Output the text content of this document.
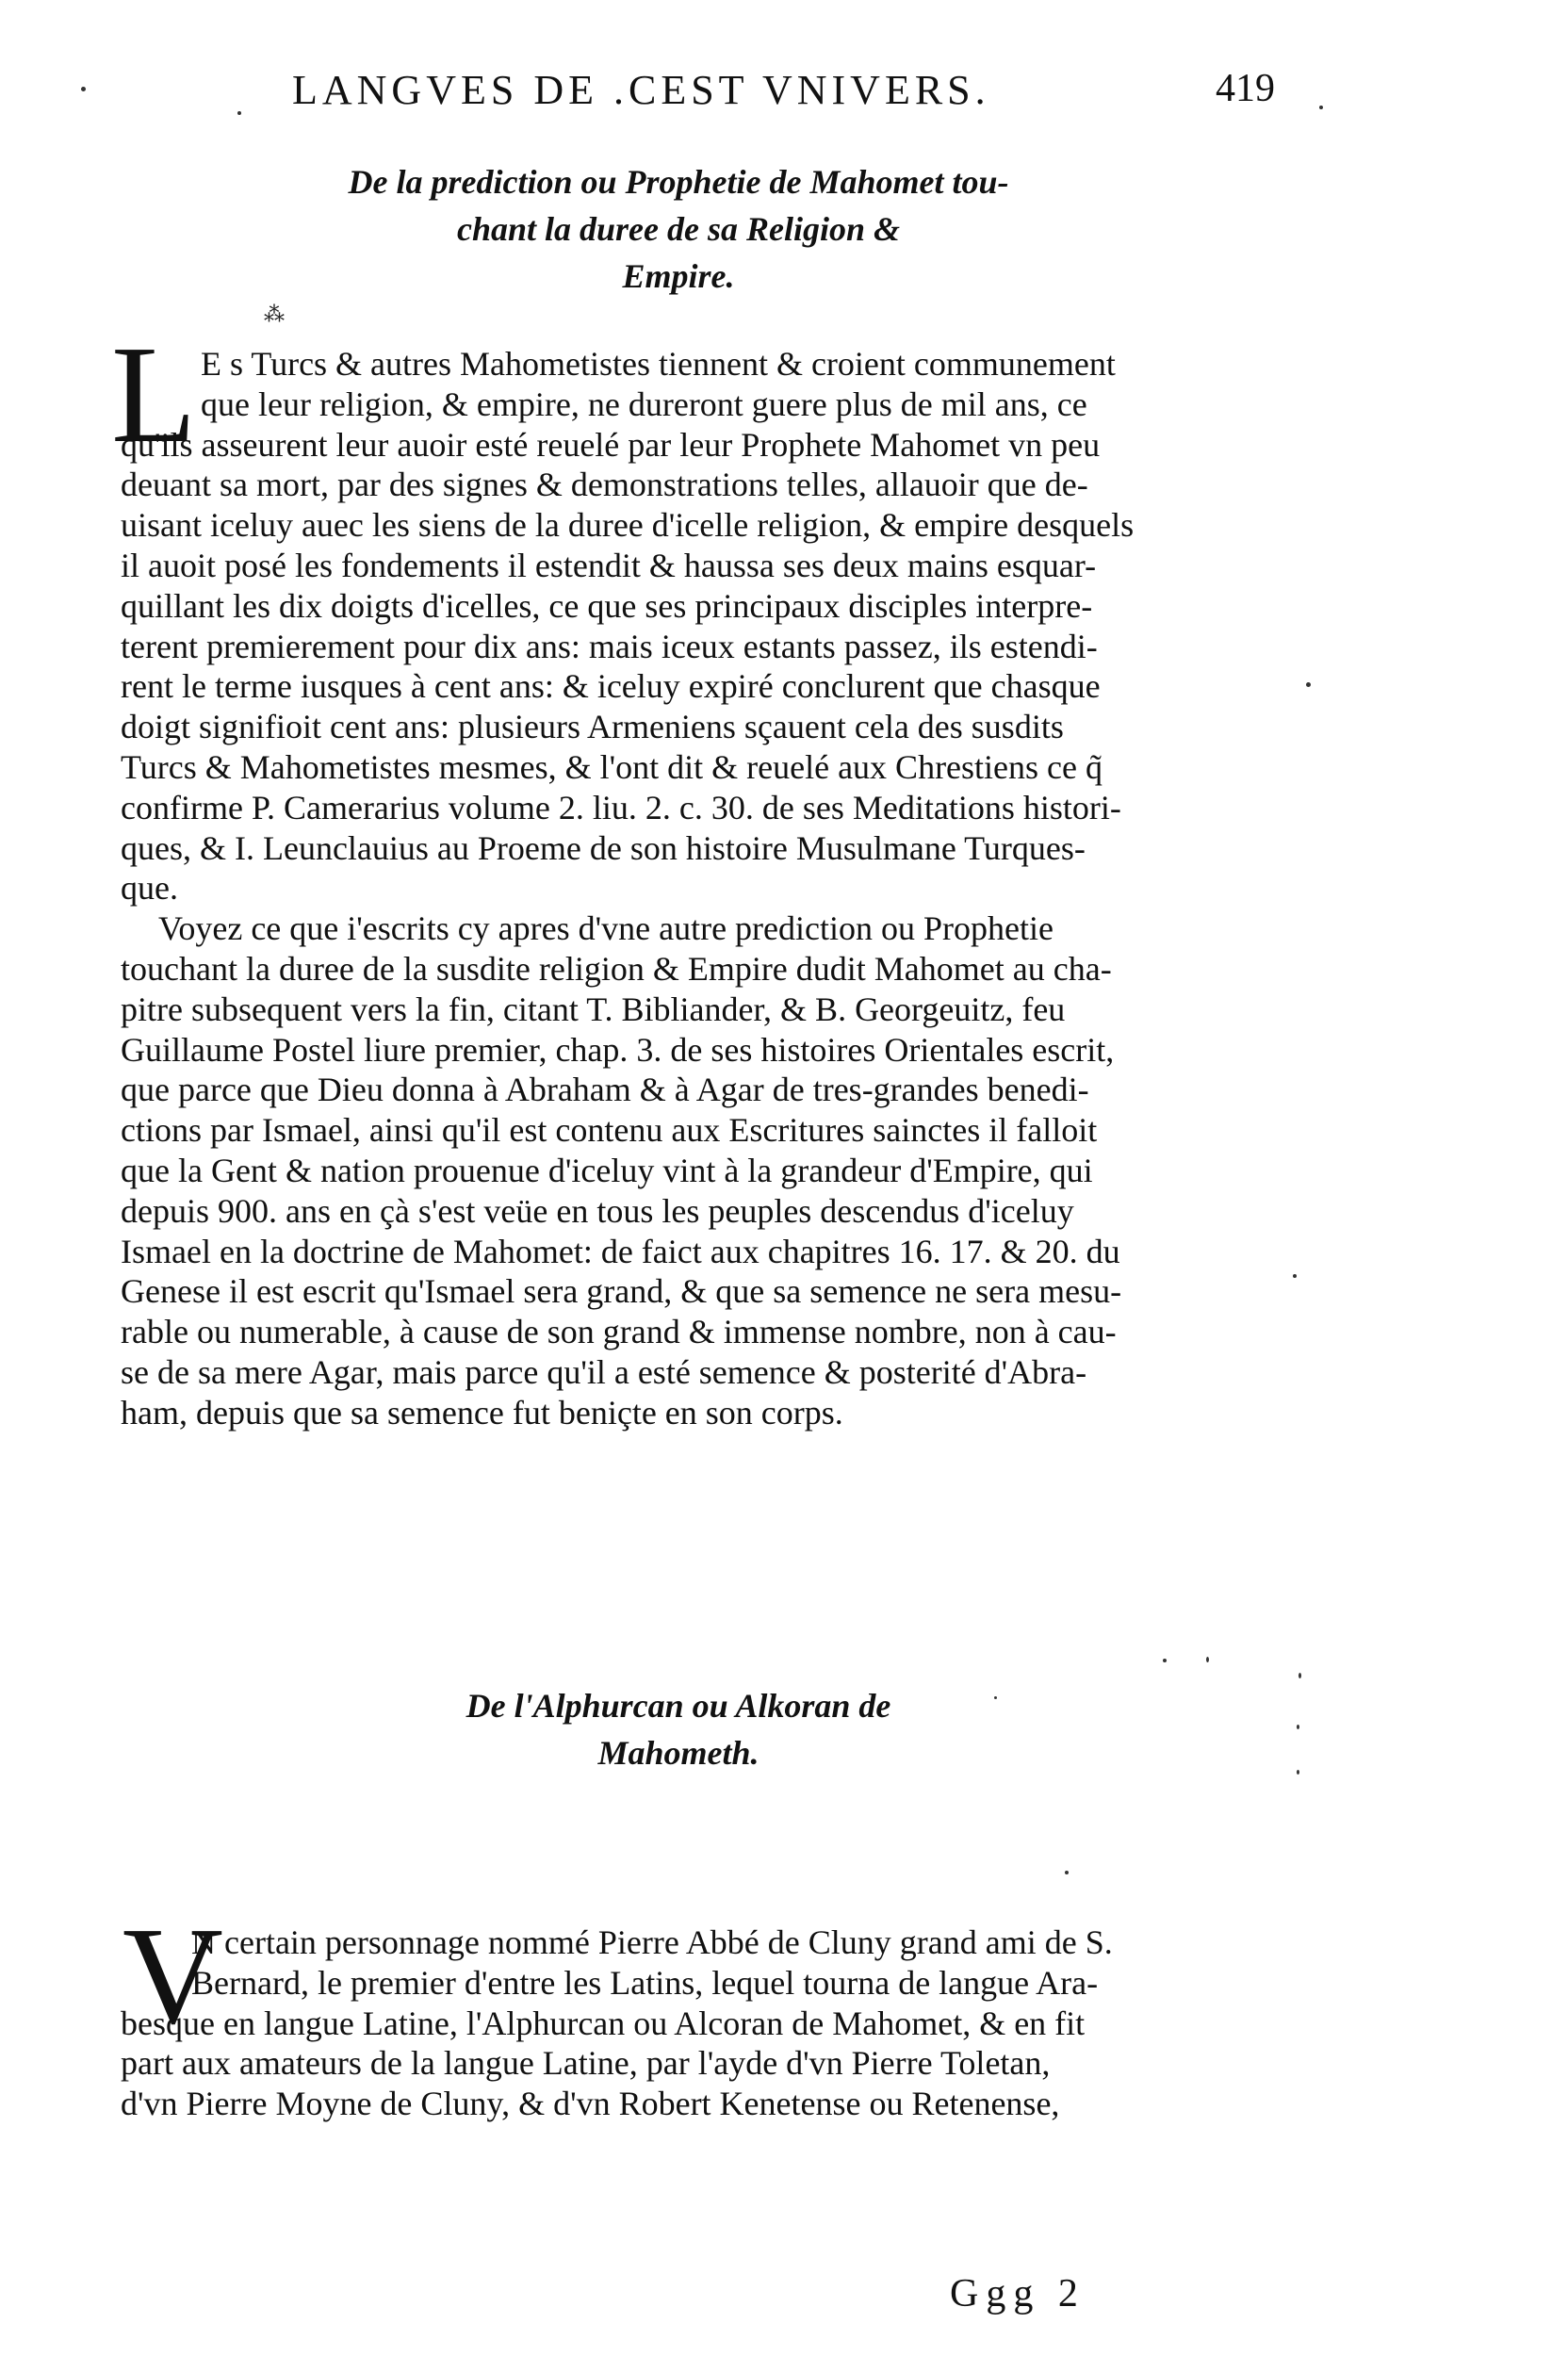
LANGVES DE .CEST VNIVERS.	419
De la prediction ou Prophetie de Mahomet tou-
chant la duree de sa Religion &
Empire.
⁂
L E s Turcs & autres Mahometistes tiennent & croient communement
que leur religion, & empire, ne dureront guere plus de mil ans, ce
qu'ils asseurent leur auoir esté reuelé par leur Prophete Mahomet vn peu
deuant sa mort, par des signes & demonstrations telles, allauoir que de-
uisant iceluy auec les siens de la duree d'icelle religion, & empire desquels
il auoit posé les fondements il estendit & haussa ses deux mains esquar-
quillant les dix doigts d'icelles, ce que ses principaux disciples interpre-
terent premierement pour dix ans: mais iceux estants passez, ils estendi-
rent le terme iusques à cent ans: & iceluy expiré conclurent que chasque
doigt signifioit cent ans: plusieurs Armeniens sçauent cela des susdits
Turcs & Mahometistes mesmes, & l'ont dit & reuelé aux Chrestiens ce q̃
confirme P. Camerarius volume 2. liu. 2. c. 30. de ses Meditations histori-
ques, & I. Leunclauius au Proeme de son histoire Musulmane Turques-
que.
Voyez ce que i'escrits cy apres d'vne autre prediction ou Prophetie
touchant la duree de la susdite religion & Empire dudit Mahomet au cha-
pitre subsequent vers la fin, citant T. Bibliander, & B. Georgeuitz, feu
Guillaume Postel liure premier, chap. 3. de ses histoires Orientales escrit,
que parce que Dieu donna à Abraham & à Agar de tres-grandes benedi-
ctions par Ismael, ainsi qu'il est contenu aux Escritures sainctes il falloit
que la Gent & nation prouenue d'iceluy vint à la grandeur d'Empire, qui
depuis 900. ans en çà s'est veüe en tous les peuples descendus d'iceluy
Ismael en la doctrine de Mahomet: de faict aux chapitres 16. 17. & 20. du
Genese il est escrit qu'Ismael sera grand, & que sa semence ne sera mesu-
rable ou numerable, à cause de son grand & immense nombre, non à cau-
se de sa mere Agar, mais parce qu'il a esté semence & posterité d'Abra-
ham, depuis que sa semence fut beniçte en son corps.
De l'Alphurcan ou Alkoran de
Mahometh.
V
N certain personnage nommé Pierre Abbé de Cluny grand ami de S.
Bernard, le premier d'entre les Latins, lequel tourna de langue Ara-
besque en langue Latine, l'Alphurcan ou Alcoran de Mahomet, & en fit
part aux amateurs de la langue Latine, par l'ayde d'vn Pierre Toletan,
d'vn Pierre Moyne de Cluny, & d'vn Robert Kenetense ou Retenense,
Ggg 2
